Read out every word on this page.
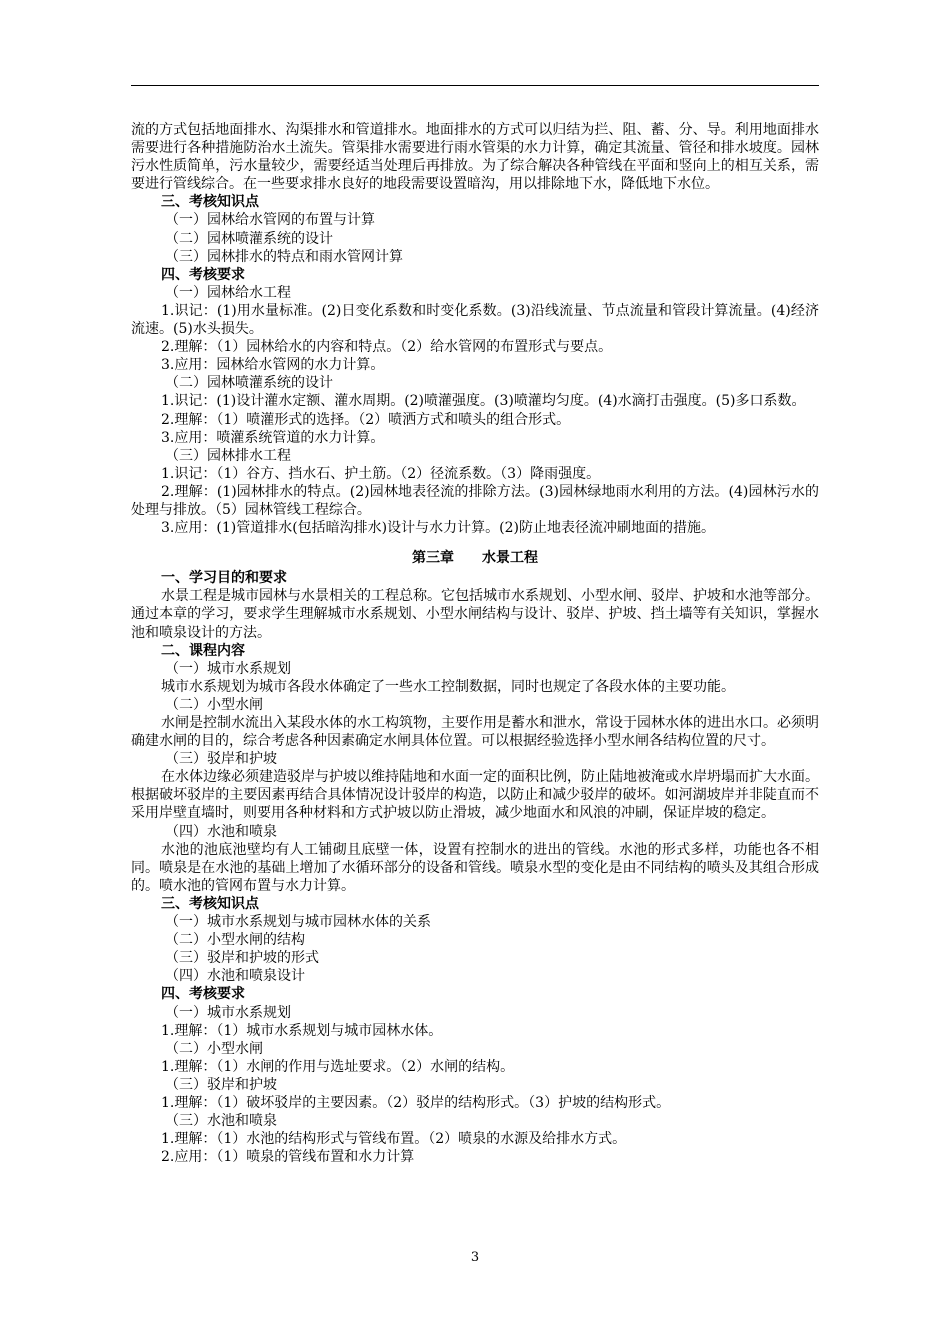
流的方式包括地面排水、沟渠排水和管道排水。地面排水的方式可以归结为拦、阻、蓄、分、导。利用地面排水需要进行各种措施防治水土流失。管渠排水需要进行雨水管渠的水力计算，确定其流量、管径和排水坡度。园林污水性质简单，污水量较少，需要经适当处理后再排放。为了综合解决各种管线在平面和竖向上的相互关系，需要进行管线综合。在一些要求排水良好的地段需要设置暗沟，用以排除地下水，降低地下水位。

三、考核知识点

（一）园林给水管网的布置与计算

（二）园林喷灌系统的设计

（三）园林排水的特点和雨水管网计算

四、考核要求

（一）园林给水工程

1.识记：(1)用水量标准。(2)日变化系数和时变化系数。(3)沿线流量、节点流量和管段计算流量。(4)经济流速。(5)水头损失。

2.理解：（1）园林给水的内容和特点。（2）给水管网的布置形式与要点。

3.应用：园林给水管网的水力计算。

（二）园林喷灌系统的设计

1.识记：(1)设计灌水定额、灌水周期。(2)喷灌强度。(3)喷灌均匀度。(4)水滴打击强度。(5)多口系数。

2.理解：（1）喷灌形式的选择。（2）喷洒方式和喷头的组合形式。

3.应用：喷灌系统管道的水力计算。

（三）园林排水工程

1.识记：（1）谷方、挡水石、护土筋。（2）径流系数。（3）降雨强度。

2.理解：(1)园林排水的特点。(2)园林地表径流的排除方法。(3)园林绿地雨水利用的方法。(4)园林污水的处理与排放。（5）园林管线工程综合。

3.应用：(1)管道排水(包括暗沟排水)设计与水力计算。(2)防止地表径流冲刷地面的措施。

第三章 水景工程

一、学习目的和要求

水景工程是城市园林与水景相关的工程总称。它包括城市水系规划、小型水闸、驳岸、护坡和水池等部分。通过本章的学习，要求学生理解城市水系规划、小型水闸结构与设计、驳岸、护坡、挡土墙等有关知识，掌握水池和喷泉设计的方法。

二、课程内容

（一）城市水系规划

城市水系规划为城市各段水体确定了一些水工控制数据，同时也规定了各段水体的主要功能。

（二）小型水闸

水闸是控制水流出入某段水体的水工构筑物，主要作用是蓄水和泄水，常设于园林水体的进出水口。必须明确建水闸的目的，综合考虑各种因素确定水闸具体位置。可以根据经验选择小型水闸各结构位置的尺寸。

（三）驳岸和护坡

在水体边缘必须建造驳岸与护坡以维持陆地和水面一定的面积比例，防止陆地被淹或水岸坍塌而扩大水面。根据破坏驳岸的主要因素再结合具体情况设计驳岸的构造，以防止和减少驳岸的破坏。如河湖坡岸并非陡直而不采用岸壁直墙时，则要用各种材料和方式护坡以防止滑坡，减少地面水和风浪的冲刷，保证岸坡的稳定。

（四）水池和喷泉

水池的池底池壁均有人工铺砌且底壁一体，设置有控制水的进出的管线。水池的形式多样，功能也各不相同。喷泉是在水池的基础上增加了水循环部分的设备和管线。喷泉水型的变化是由不同结构的喷头及其组合形成的。喷水池的管网布置与水力计算。

三、考核知识点

（一）城市水系规划与城市园林水体的关系

（二）小型水闸的结构

（三）驳岸和护坡的形式

（四）水池和喷泉设计

四、考核要求

（一）城市水系规划

1.理解：（1）城市水系规划与城市园林水体。

（二）小型水闸

1.理解：（1）水闸的作用与选址要求。（2）水闸的结构。

（三）驳岸和护坡

1.理解：（1）破坏驳岸的主要因素。（2）驳岸的结构形式。（3）护坡的结构形式。

（三）水池和喷泉

1.理解：（1）水池的结构形式与管线布置。（2）喷泉的水源及给排水方式。

2.应用：（1）喷泉的管线布置和水力计算

3
